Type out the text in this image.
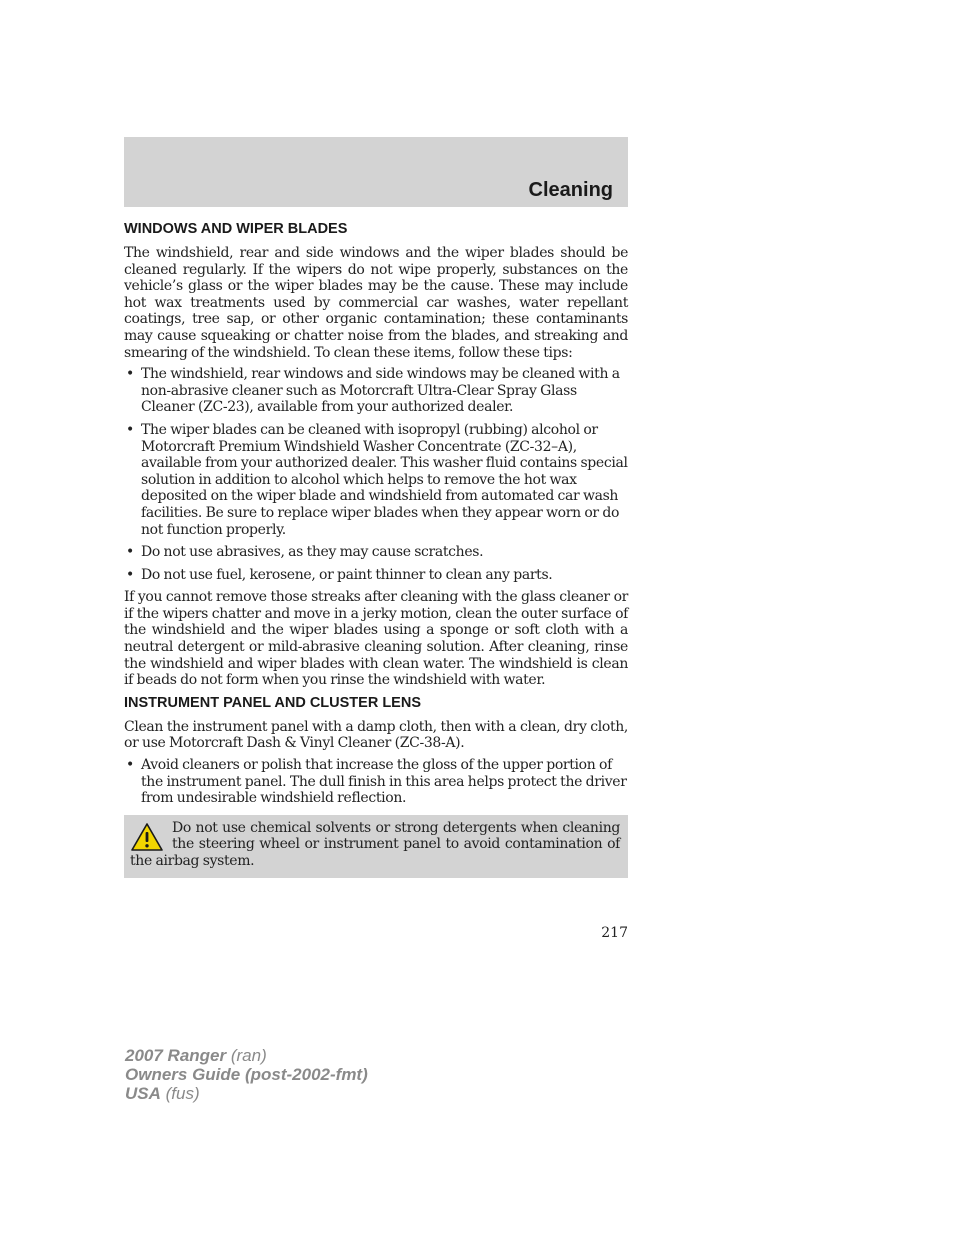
Cleaning
WINDOWS AND WIPER BLADES

The windshield, rear and side windows and the wiper blades should be cleaned regularly. If the wipers do not wipe properly, substances on the vehicle’s glass or the wiper blades may be the cause. These may include hot wax treatments used by commercial car washes, water repellant coatings, tree sap, or other organic contamination; these contaminants may cause squeaking or chatter noise from the blades, and streaking and smearing of the windshield. To clean these items, follow these tips:

• The windshield, rear windows and side windows may be cleaned with a non-abrasive cleaner such as Motorcraft Ultra-Clear Spray Glass Cleaner (ZC-23), available from your authorized dealer.
• The wiper blades can be cleaned with isopropyl (rubbing) alcohol or Motorcraft Premium Windshield Washer Concentrate (ZC-32–A), available from your authorized dealer. This washer fluid contains special solution in addition to alcohol which helps to remove the hot wax deposited on the wiper blade and windshield from automated car wash facilities. Be sure to replace wiper blades when they appear worn or do not function properly.
• Do not use abrasives, as they may cause scratches.
• Do not use fuel, kerosene, or paint thinner to clean any parts.

If you cannot remove those streaks after cleaning with the glass cleaner or if the wipers chatter and move in a jerky motion, clean the outer surface of the windshield and the wiper blades using a sponge or soft cloth with a neutral detergent or mild-abrasive cleaning solution. After cleaning, rinse the windshield and wiper blades with clean water. The windshield is clean if beads do not form when you rinse the windshield with water.

INSTRUMENT PANEL AND CLUSTER LENS

Clean the instrument panel with a damp cloth, then with a clean, dry cloth, or use Motorcraft Dash & Vinyl Cleaner (ZC-38-A).

• Avoid cleaners or polish that increase the gloss of the upper portion of the instrument panel. The dull finish in this area helps protect the driver from undesirable windshield reflection.
Do not use chemical solvents or strong detergents when cleaning the steering wheel or instrument panel to avoid contamination of the airbag system.
217
2007 Ranger (ran)
Owners Guide (post-2002-fmt)
USA (fus)
